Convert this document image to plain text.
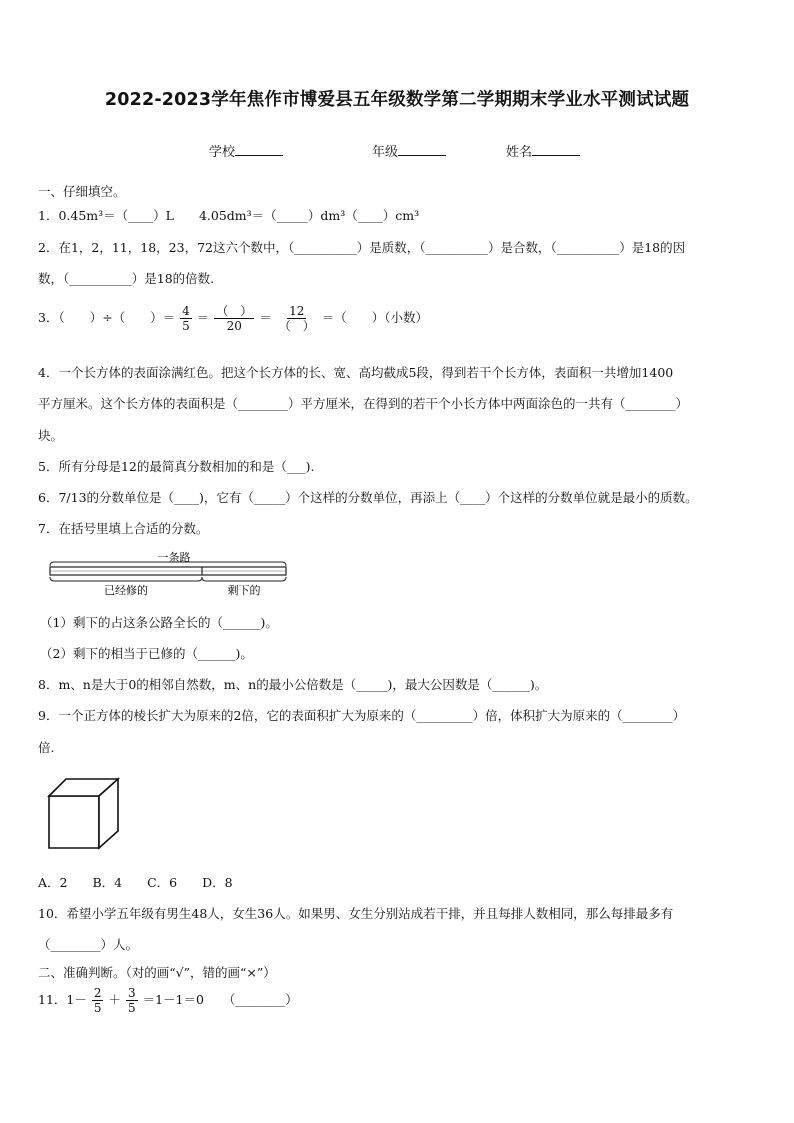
2022-2023学年焦作市博爱县五年级数学第二学期期末学业水平测试试题
学校	年级	姓名
一、仔细填空。
1．0.45m³＝（____）L　　4.05dm³＝（_____）dm³（____）cm³
2．在1，2，11，18，23，72这六个数中，（__________）是质数，（__________）是合数，（__________）是18的因
数，（__________）是18的倍数.
3．（　　）÷（　　）＝ $\frac{4}{5} = \frac{( )}{20} = \frac{12}{( )}$ ＝（　　）（小数）
4．一个长方体的表面涂满红色。把这个长方体的长、宽、高均截成5段，得到若干个长方体，表面积一共增加1400
平方厘米。这个长方体的表面积是（________）平方厘米，在得到的若干个小长方体中两面涂色的一共有（________）
块。
5．所有分母是12的最简真分数相加的和是（___).
6．7/13的分数单位是（____)，它有（_____）个这样的分数单位，再添上（____）个这样的分数单位就是最小的质数。
7．在括号里填上合适的分数。
一条路
已经修的	剩下的
（1）剩下的占这条公路全长的（______)。
（2）剩下的相当于已修的（______)。
8．m、n是大于0的相邻自然数，m、n的最小公倍数是（_____)，最大公因数是（______)。
9．一个正方体的棱长扩大为原来的2倍，它的表面积扩大为原来的（_________）倍，体积扩大为原来的（________）
倍.
A．2　　B．4　　C．6　　D．8
10．希望小学五年级有男生48人，女生36人。如果男、女生分别站成若干排，并且每排人数相同，那么每排最多有
（________）人。
二、准确判断。（对的画“√”，错的画“×”）
11．$1- \frac{2}{5} + \frac{3}{5} =1-1=0$　　（________）
